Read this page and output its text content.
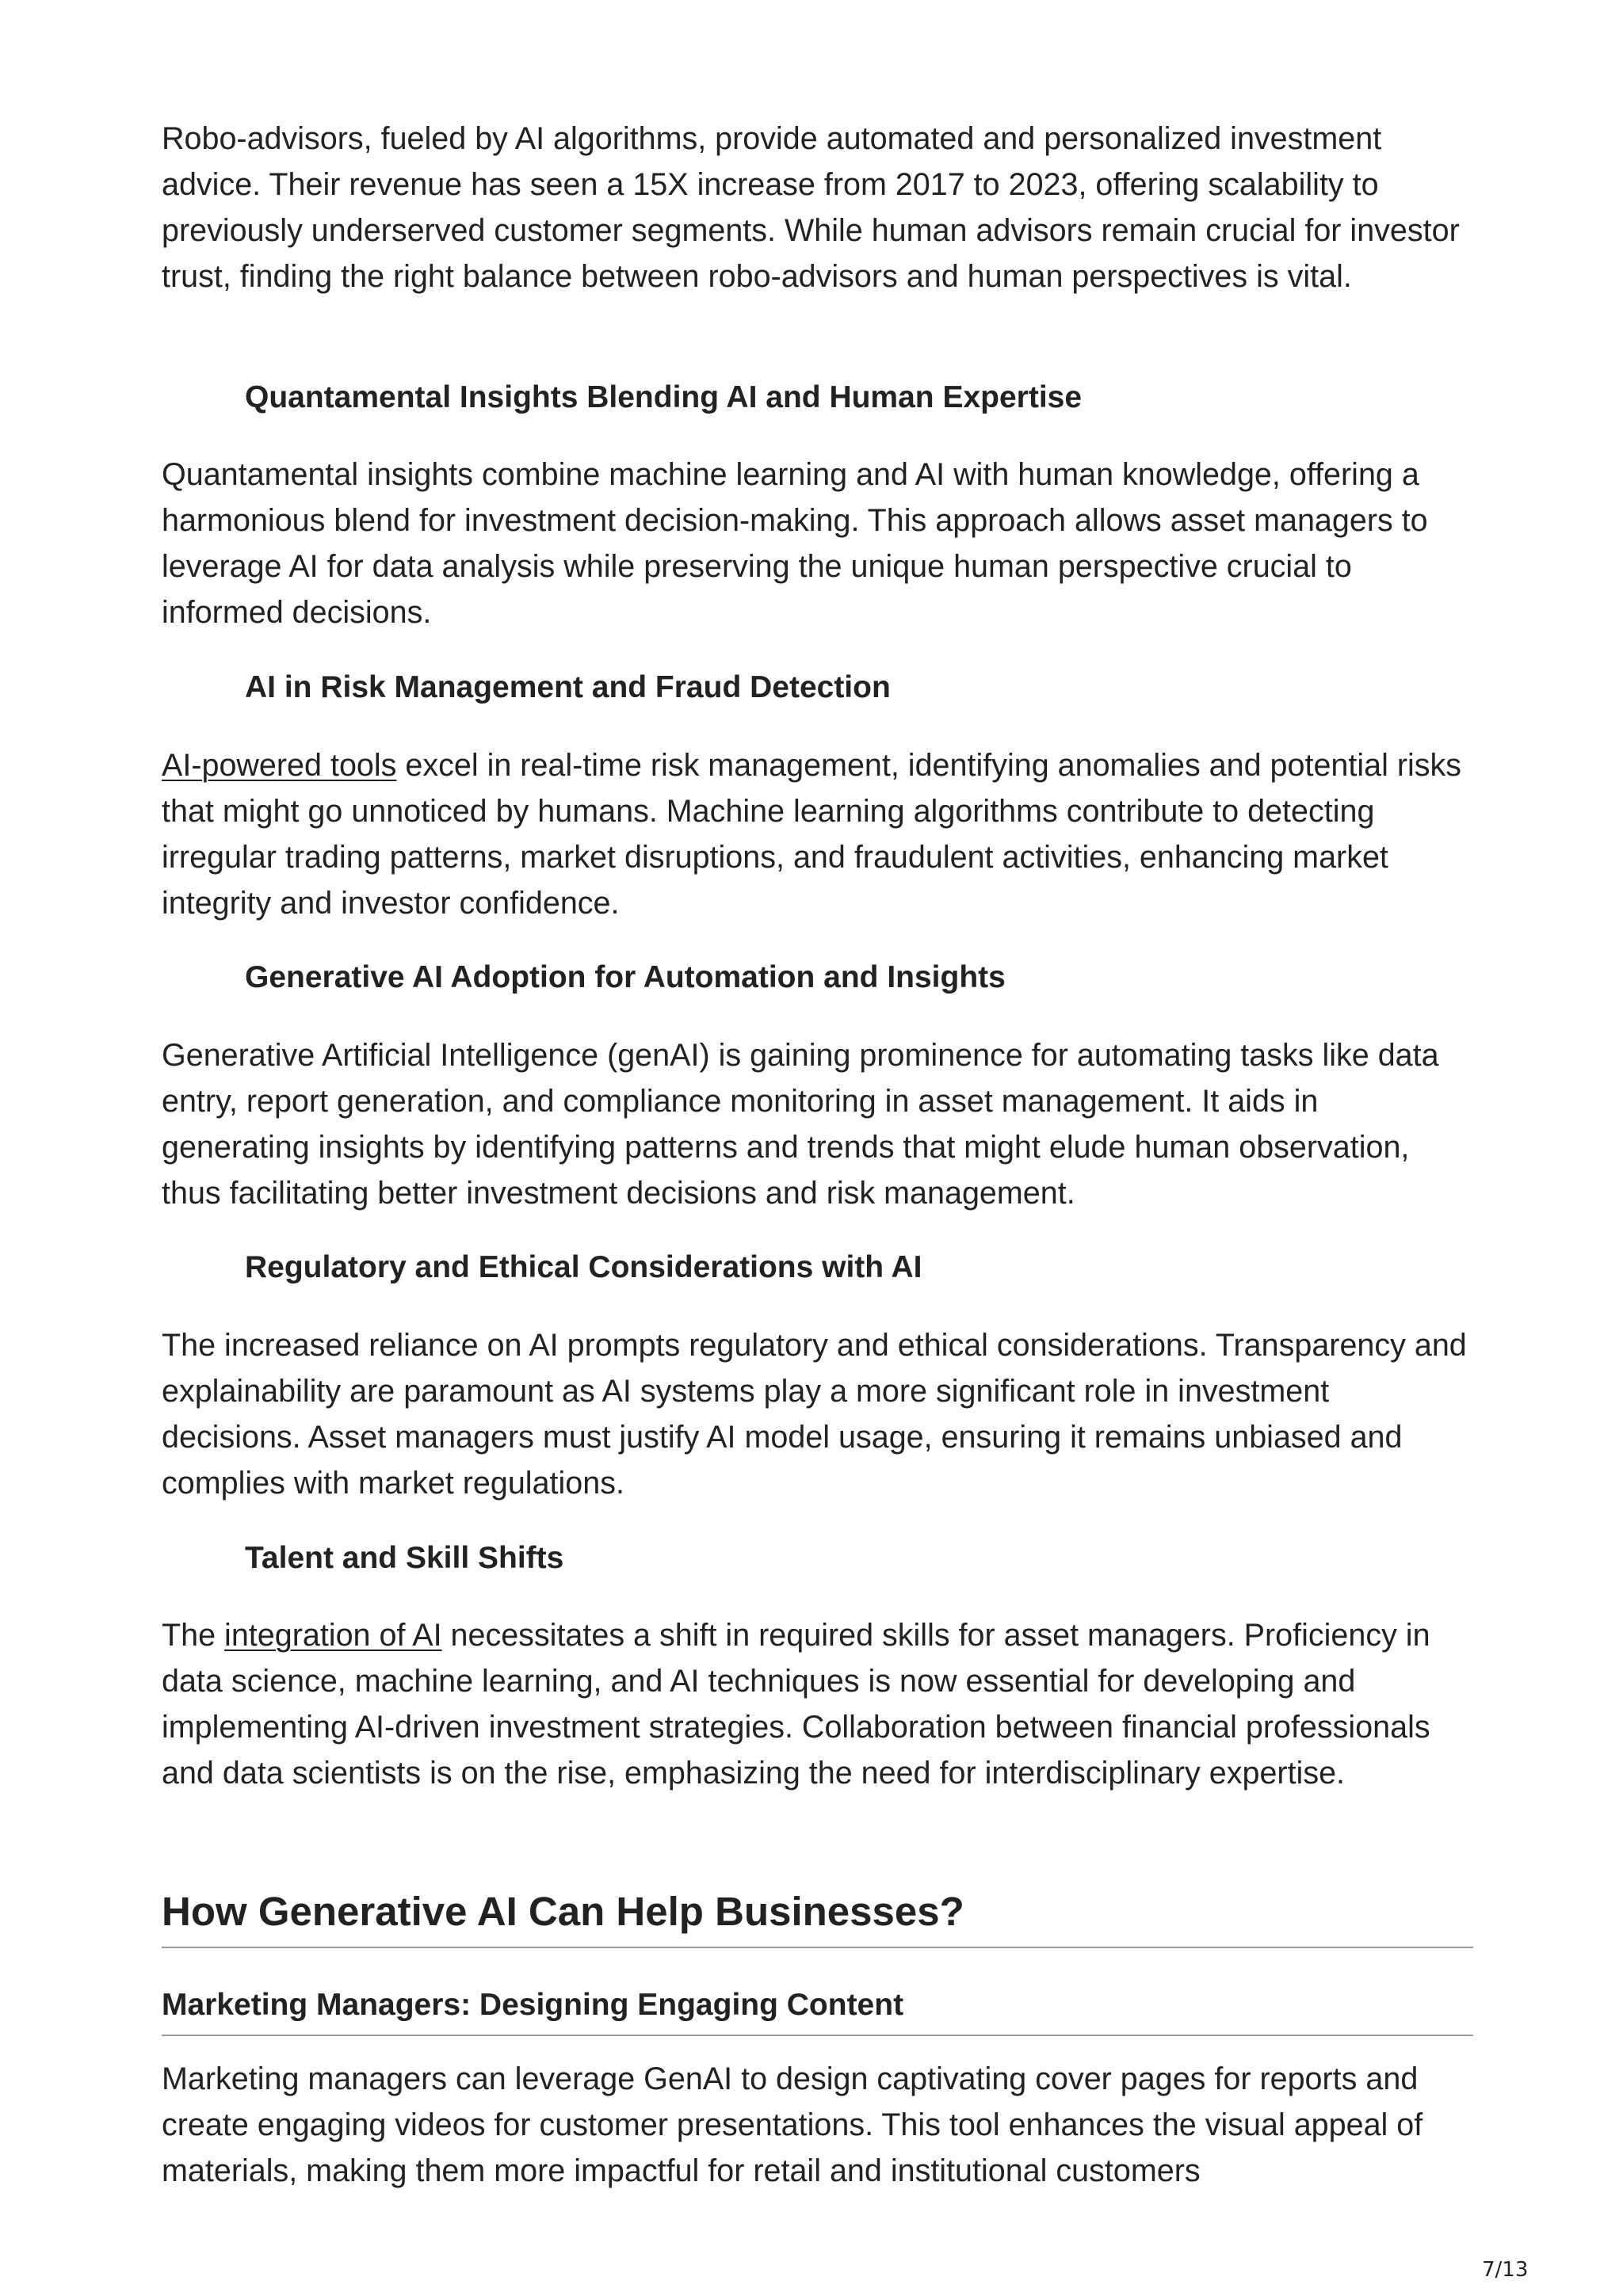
Robo-advisors, fueled by AI algorithms, provide automated and personalized investment advice. Their revenue has seen a 15X increase from 2017 to 2023, offering scalability to previously underserved customer segments. While human advisors remain crucial for investor trust, finding the right balance between robo-advisors and human perspectives is vital.

Quantamental Insights Blending AI and Human Expertise

Quantamental insights combine machine learning and AI with human knowledge, offering a harmonious blend for investment decision-making. This approach allows asset managers to leverage AI for data analysis while preserving the unique human perspective crucial to informed decisions.

AI in Risk Management and Fraud Detection

AI-powered tools excel in real-time risk management, identifying anomalies and potential risks that might go unnoticed by humans. Machine learning algorithms contribute to detecting irregular trading patterns, market disruptions, and fraudulent activities, enhancing market integrity and investor confidence.

Generative AI Adoption for Automation and Insights

Generative Artificial Intelligence (genAI) is gaining prominence for automating tasks like data entry, report generation, and compliance monitoring in asset management. It aids in generating insights by identifying patterns and trends that might elude human observation, thus facilitating better investment decisions and risk management.

Regulatory and Ethical Considerations with AI

The increased reliance on AI prompts regulatory and ethical considerations. Transparency and explainability are paramount as AI systems play a more significant role in investment decisions. Asset managers must justify AI model usage, ensuring it remains unbiased and complies with market regulations.

Talent and Skill Shifts

The integration of AI necessitates a shift in required skills for asset managers. Proficiency in data science, machine learning, and AI techniques is now essential for developing and implementing AI-driven investment strategies. Collaboration between financial professionals and data scientists is on the rise, emphasizing the need for interdisciplinary expertise.

How Generative AI Can Help Businesses?
Marketing Managers: Designing Engaging Content

Marketing managers can leverage GenAI to design captivating cover pages for reports and create engaging videos for customer presentations. This tool enhances the visual appeal of materials, making them more impactful for retail and institutional customers

7/13
